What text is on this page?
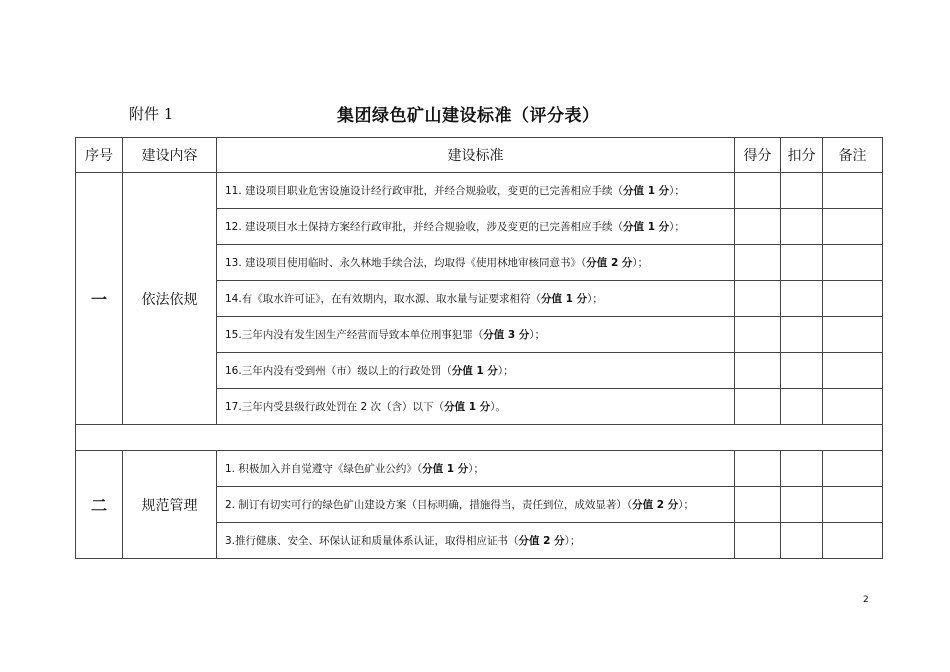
附件 1	集团绿色矿山建设标准（评分表）
序号	建设内容	建设标准	得分	扣分	备注
一	依法依规	11. 建设项目职业危害设施设计经行政审批，并经合规验收，变更的已完善相应手续（分值 1 分）；			
		12. 建设项目水土保持方案经行政审批，并经合规验收，涉及变更的已完善相应手续（分值 1 分）；			
		13. 建设项目使用临时、永久林地手续合法，均取得《使用林地审核同意书》（分值 2 分）；			
		14.有《取水许可证》，在有效期内，取水源、取水量与证要求相符（分值 1 分）；			
		15.三年内没有发生因生产经营而导致本单位刑事犯罪（分值 3 分）；			
		16.三年内没有受到州（市）级以上的行政处罚（分值 1 分）；			
		17.三年内受县级行政处罚在 2 次（含）以下（分值 1 分）。			

二	规范管理	1. 积极加入并自觉遵守《绿色矿业公约》（分值 1 分）；			
		2. 制订有切实可行的绿色矿山建设方案（目标明确，措施得当，责任到位，成效显著）（分值 2 分）；			
		3.推行健康、安全、环保认证和质量体系认证，取得相应证书（分值 2 分）；			
2
